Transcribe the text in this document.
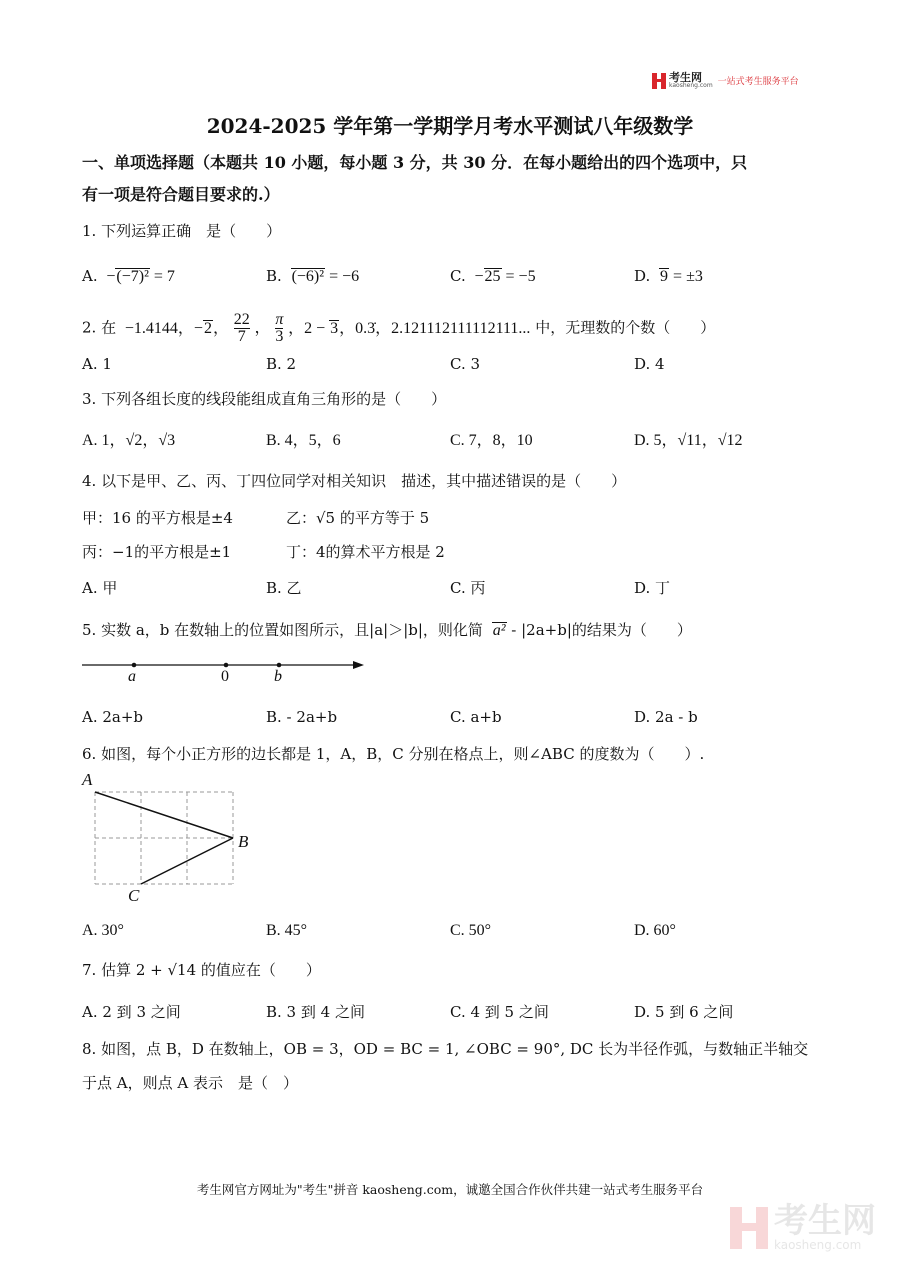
考生网
kaosheng.com 一站式考生服务平台
2024-2025 学年第一学期学月考水平测试八年级数学
一、单项选择题（本题共 10 小题，每小题 3 分，共 30 分．在每小题给出的四个选项中，只
有一项是符合题目要求的.）
1. 下列运算正确　是（　　）
A.  −(−7)² = 7	B. (−6)² = −6	C.  −25 = −5	D. 9 = ±3
2. 在  −1.4144，−2， $\frac{22}{7}$ ， $\frac{\pi}{3}$ ，2 − 3，0.3̇，2.121112111112111... 中，无理数的个数（　　）
A. 1	B. 2	C. 3	D. 4
3. 下列各组长度的线段能组成直角三角形的是（　　）
A. 1，√2，√3	B. 4，5，6	C. 7，8，10	D. 5，√11，√12
4. 以下是甲、乙、丙、丁四位同学对相关知识　描述，其中描述错误的是（　　）
甲：16 的平方根是±4	乙：√5 的平方等于 5
丙：−1的平方根是±1	丁：4的算术平方根是 2
A. 甲	B. 乙	C. 丙	D. 丁
5. 实数 a，b 在数轴上的位置如图所示，且|a|＞|b|，则化简 a² - |2a+b|的结果为（　　）
a	0	b
A. 2a+b	B. - 2a+b	C. a+b	D. 2a - b
6. 如图，每个小正方形的边长都是 1，A，B，C 分别在格点上，则∠ABC 的度数为（　　）.
A
B
C
A. 30°	B. 45°	C. 50°	D. 60°
7. 估算 2 + √14 的值应在（　　）
A. 2 到 3 之间	B. 3 到 4 之间	C. 4 到 5 之间	D. 5 到 6 之间
8. 如图，点 B，D 在数轴上，OB = 3，OD = BC = 1, ∠OBC = 90°, DC 长为半径作弧，与数轴正半轴交
于点 A，则点 A 表示　是（　）
考生网官方网址为"考生"拼音 kaosheng.com，诚邀全国合作伙伴共建一站式考生服务平台
考生网
kaosheng.com
